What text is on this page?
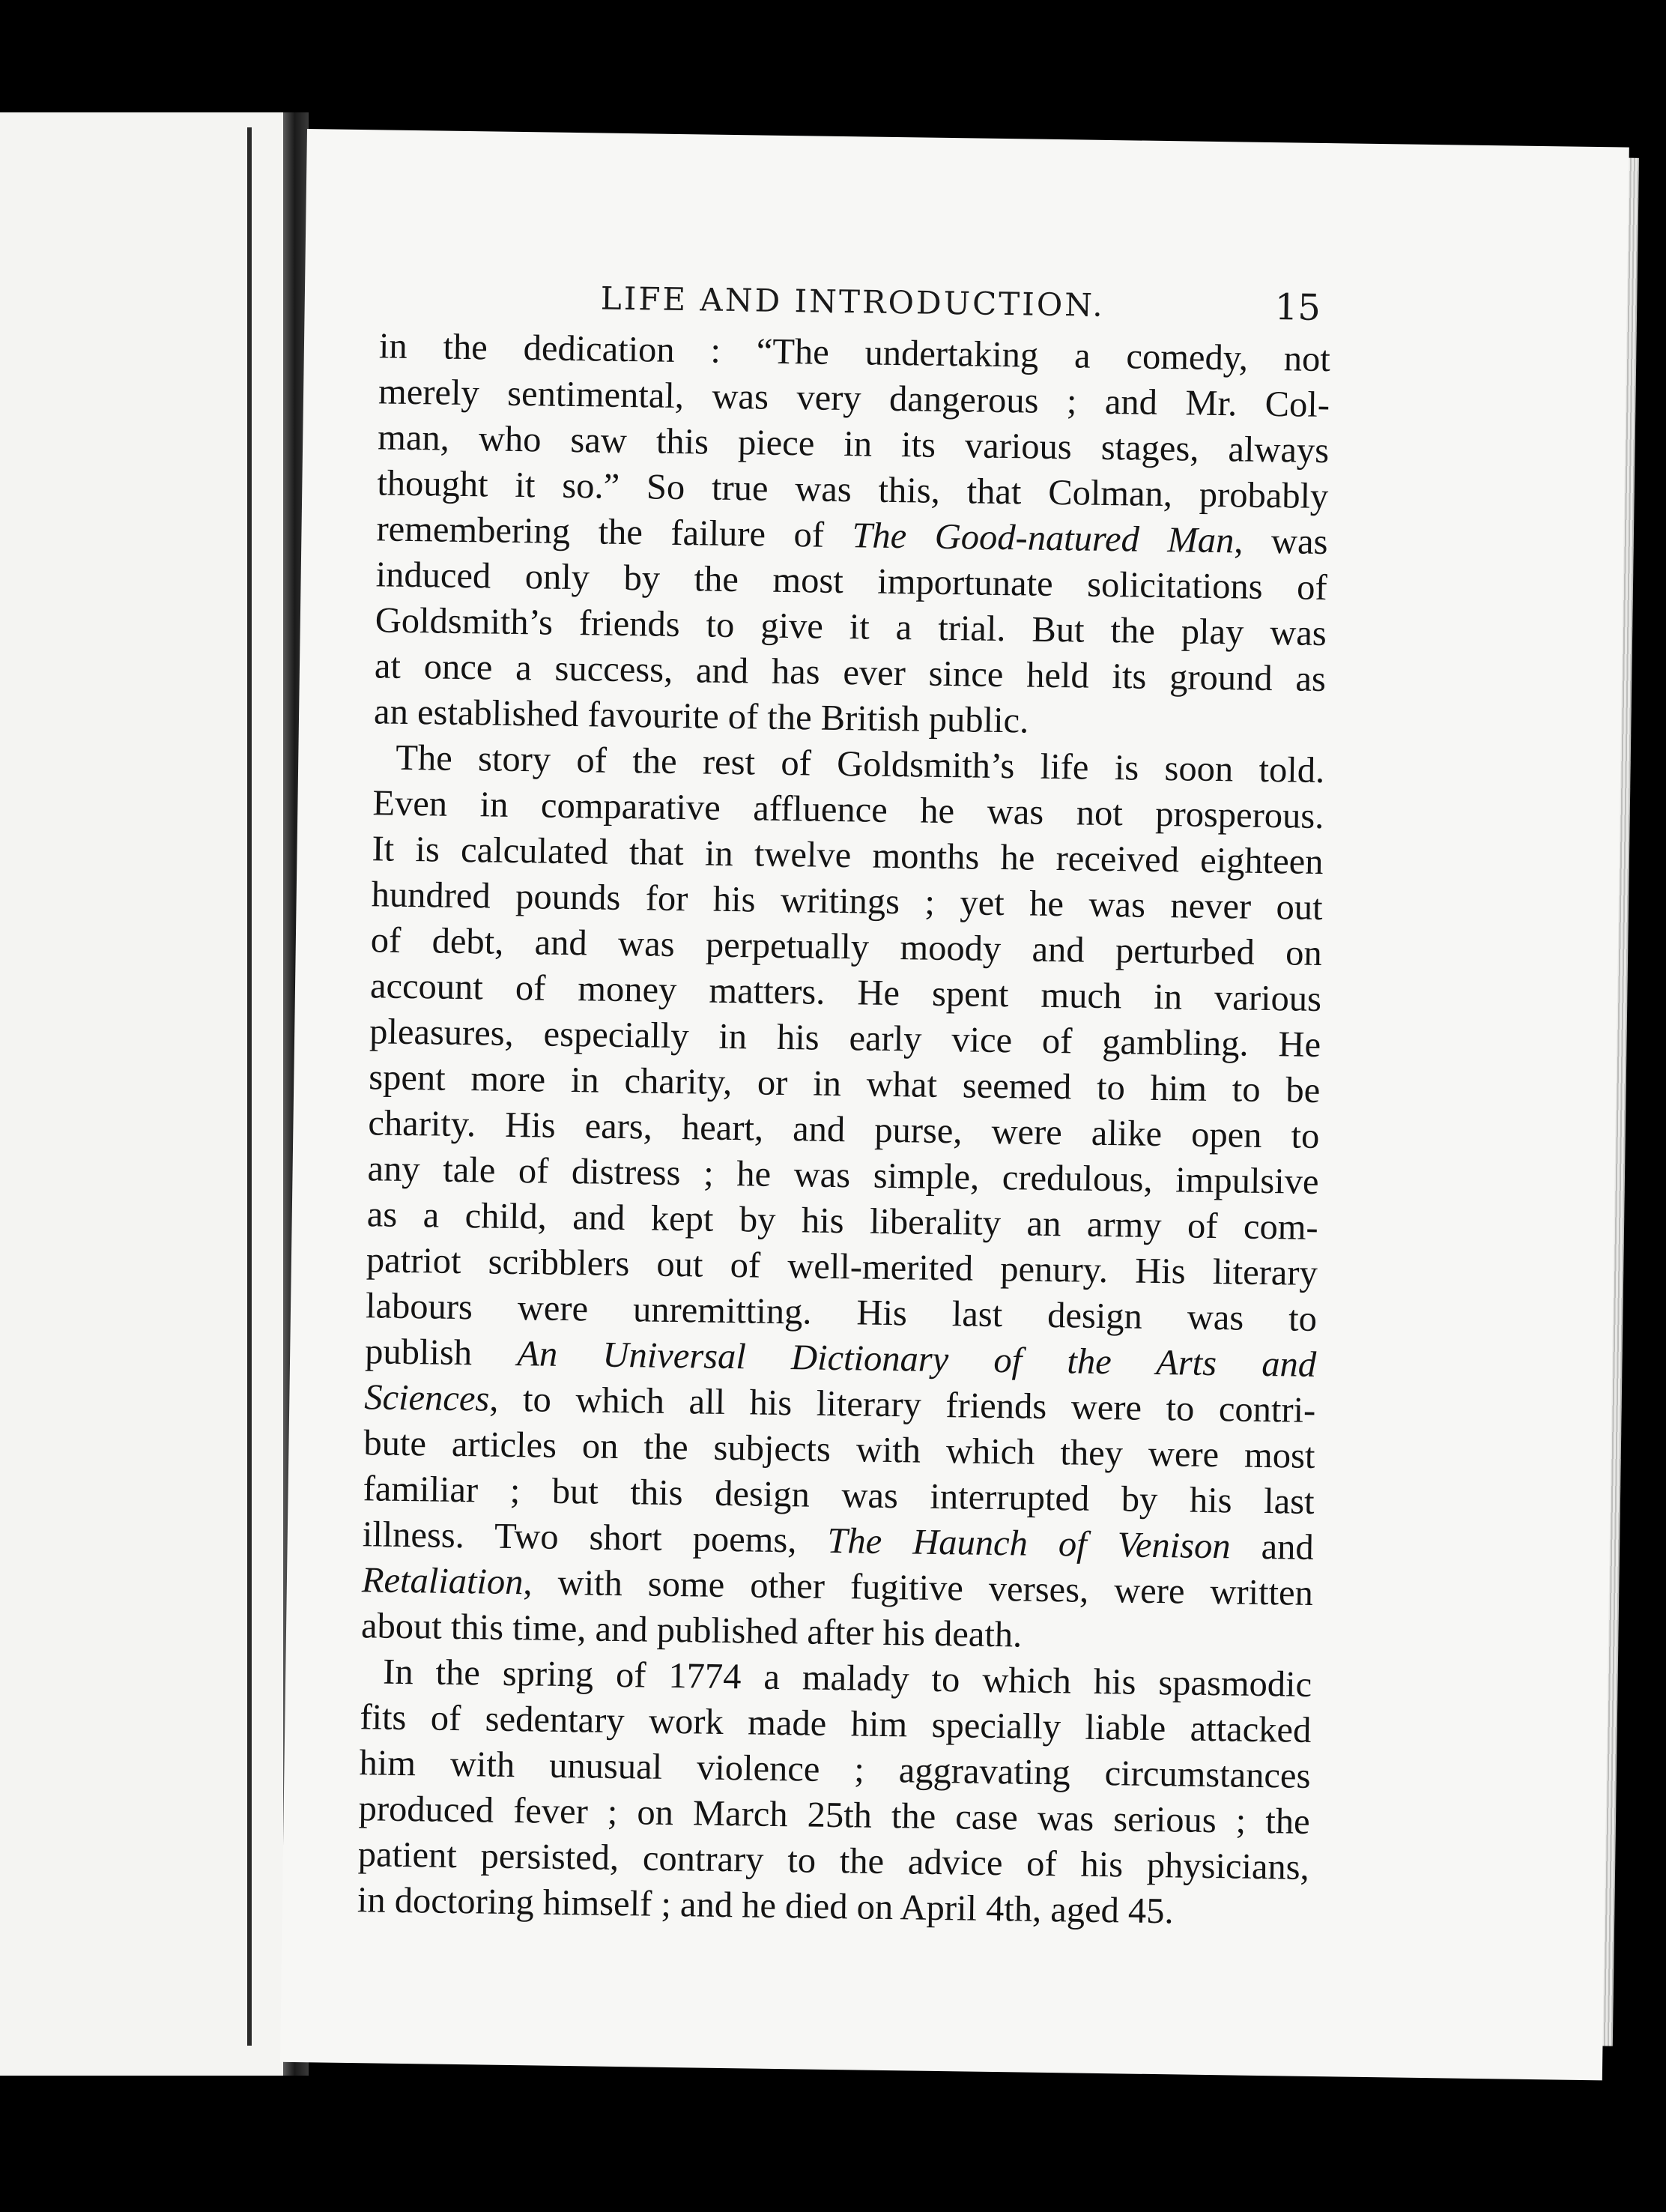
LIFE AND INTRODUCTION.	15

in the dedication : “The undertaking a comedy, not
merely sentimental, was very dangerous ; and Mr. Col-
man, who saw this piece in its various stages, always
thought it so.” So true was this, that Colman, probably
remembering the failure of The Good-natured Man, was
induced only by the most importunate solicitations of
Goldsmith’s friends to give it a trial. But the play was
at once a success, and has ever since held its ground as
an established favourite of the British public.

The story of the rest of Goldsmith’s life is soon told.
Even in comparative affluence he was not prosperous.
It is calculated that in twelve months he received eighteen
hundred pounds for his writings ; yet he was never out
of debt, and was perpetually moody and perturbed on
account of money matters. He spent much in various
pleasures, especially in his early vice of gambling. He
spent more in charity, or in what seemed to him to be
charity. His ears, heart, and purse, were alike open to
any tale of distress ; he was simple, credulous, impulsive
as a child, and kept by his liberality an army of com-
patriot scribblers out of well-merited penury. His literary
labours were unremitting. His last design was to
publish An Universal Dictionary of the Arts and
Sciences, to which all his literary friends were to contri-
bute articles on the subjects with which they were most
familiar ; but this design was interrupted by his last
illness. Two short poems, The Haunch of Venison and
Retaliation, with some other fugitive verses, were written
about this time, and published after his death.

In the spring of 1774 a malady to which his spasmodic
fits of sedentary work made him specially liable attacked
him with unusual violence ; aggravating circumstances
produced fever ; on March 25th the case was serious ; the
patient persisted, contrary to the advice of his physicians,
in doctoring himself ; and he died on April 4th, aged 45.
